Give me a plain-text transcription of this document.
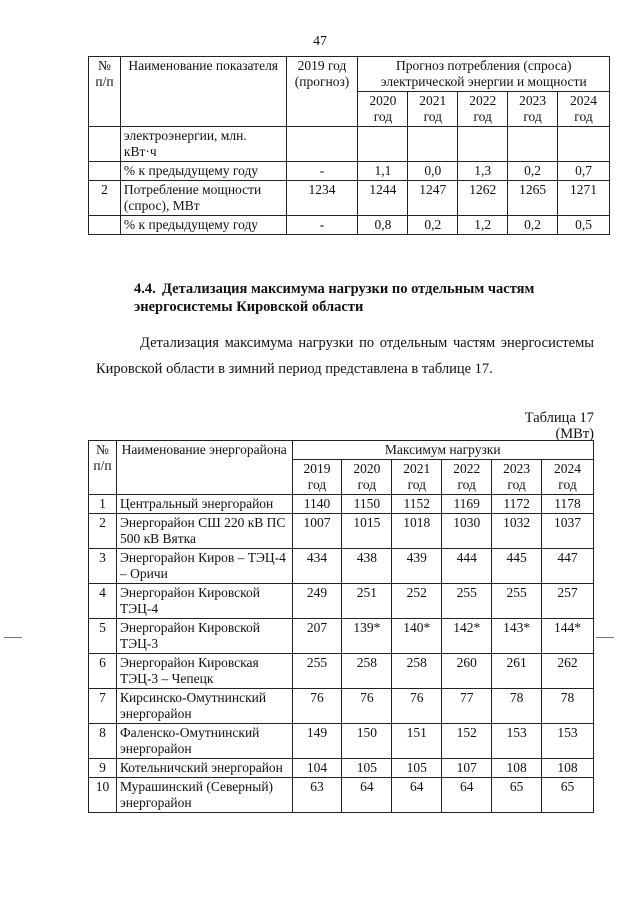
47
№ п/п	Наименование показателя	2019 год (прогноз)	Прогноз потребления (спроса) электрической энергии и мощности				
			2020 год	2021 год	2022 год	2023 год	2024 год
	электроэнергии, млн. кВт·ч						
	% к предыдущему году	-	1,1	0,0	1,3	0,2	0,7
2	Потребление мощности (спрос), МВт	1234	1244	1247	1262	1265	1271
	% к предыдущему году	-	0,8	0,2	1,2	0,2	0,5
4.4. Детализация максимума нагрузки по отдельным частям энергосистемы Кировской области
Детализация максимума нагрузки по отдельным частям энергосистемы Кировской области в зимний период представлена в таблице 17.
Таблица 17
(МВт)
№ п/п	Наименование энергорайона	Максимум нагрузки					
		2019 год	2020 год	2021 год	2022 год	2023 год	2024 год
1	Центральный энергорайон	1140	1150	1152	1169	1172	1178
2	Энергорайон СШ 220 кВ ПС 500 кВ Вятка	1007	1015	1018	1030	1032	1037
3	Энергорайон Киров – ТЭЦ-4 – Оричи	434	438	439	444	445	447
4	Энергорайон Кировской ТЭЦ-4	249	251	252	255	255	257
5	Энергорайон Кировской ТЭЦ-3	207	139*	140*	142*	143*	144*
6	Энергорайон Кировская ТЭЦ-3 – Чепецк	255	258	258	260	261	262
7	Кирсинско-Омутнинский энергорайон	76	76	76	77	78	78
8	Фаленско-Омутнинский энергорайон	149	150	151	152	153	153
9	Котельничский энергорайон	104	105	105	107	108	108
10	Мурашинский (Северный) энергорайон	63	64	64	64	65	65
